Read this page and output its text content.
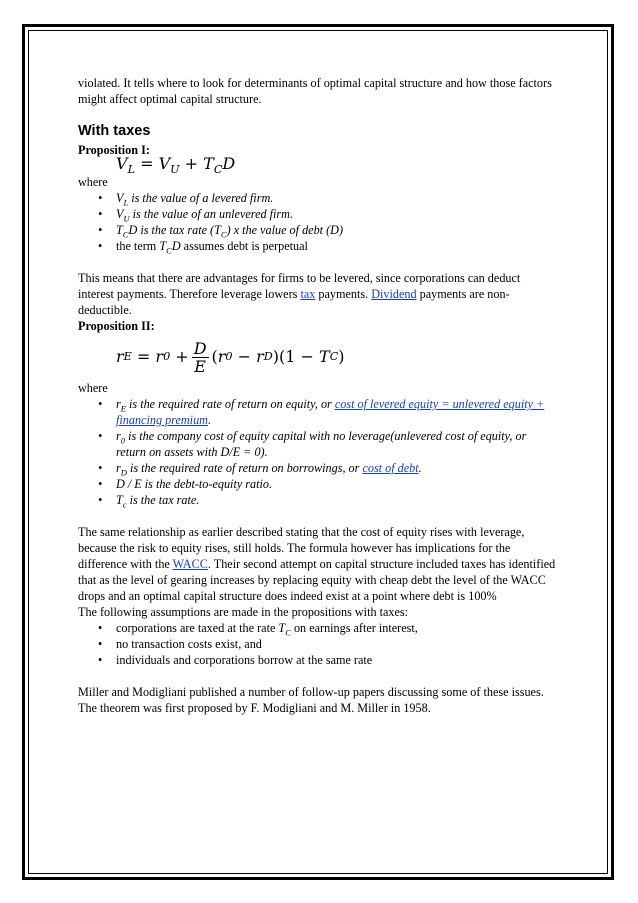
violated. It tells where to look for determinants of optimal capital structure and how those factors might affect optimal capital structure.

With taxes

Proposition I:

$V_L = V_U + T_CD$

where

• $V_L$ is the value of a levered firm.
• $V_U$ is the value of an unlevered firm.
• $T_CD$ is the tax rate $(T_C)$ x the value of debt (D)
• the term $T_CD$ assumes debt is perpetual

This means that there are advantages for firms to be levered, since corporations can deduct interest payments. Therefore leverage lowers tax payments. Dividend payments are non-deductible.

Proposition II:

r E
= r 0
+ $\frac{D}{E}$ ( r 0
− r D )(1 − T C )

where

• $r_E$ is the required rate of return on equity, or cost of levered equity = unlevered equity + financing premium.
• $r_0$ is the company cost of equity capital with no leverage(unlevered cost of equity, or return on assets with D/E = 0).
• $r_D$ is the required rate of return on borrowings, or cost of debt.
• D / E is the debt-to-equity ratio.
• $T_c$ is the tax rate.

The same relationship as earlier described stating that the cost of equity rises with leverage, because the risk to equity rises, still holds. The formula however has implications for the difference with the WACC. Their second attempt on capital structure included taxes has identified that as the level of gearing increases by replacing equity with cheap debt the level of the WACC drops and an optimal capital structure does indeed exist at a point where debt is 100%

The following assumptions are made in the propositions with taxes:

• corporations are taxed at the rate $T_C$ on earnings after interest,
• no transaction costs exist, and
• individuals and corporations borrow at the same rate

Miller and Modigliani published a number of follow-up papers discussing some of these issues.

The theorem was first proposed by F. Modigliani and M. Miller in 1958.
